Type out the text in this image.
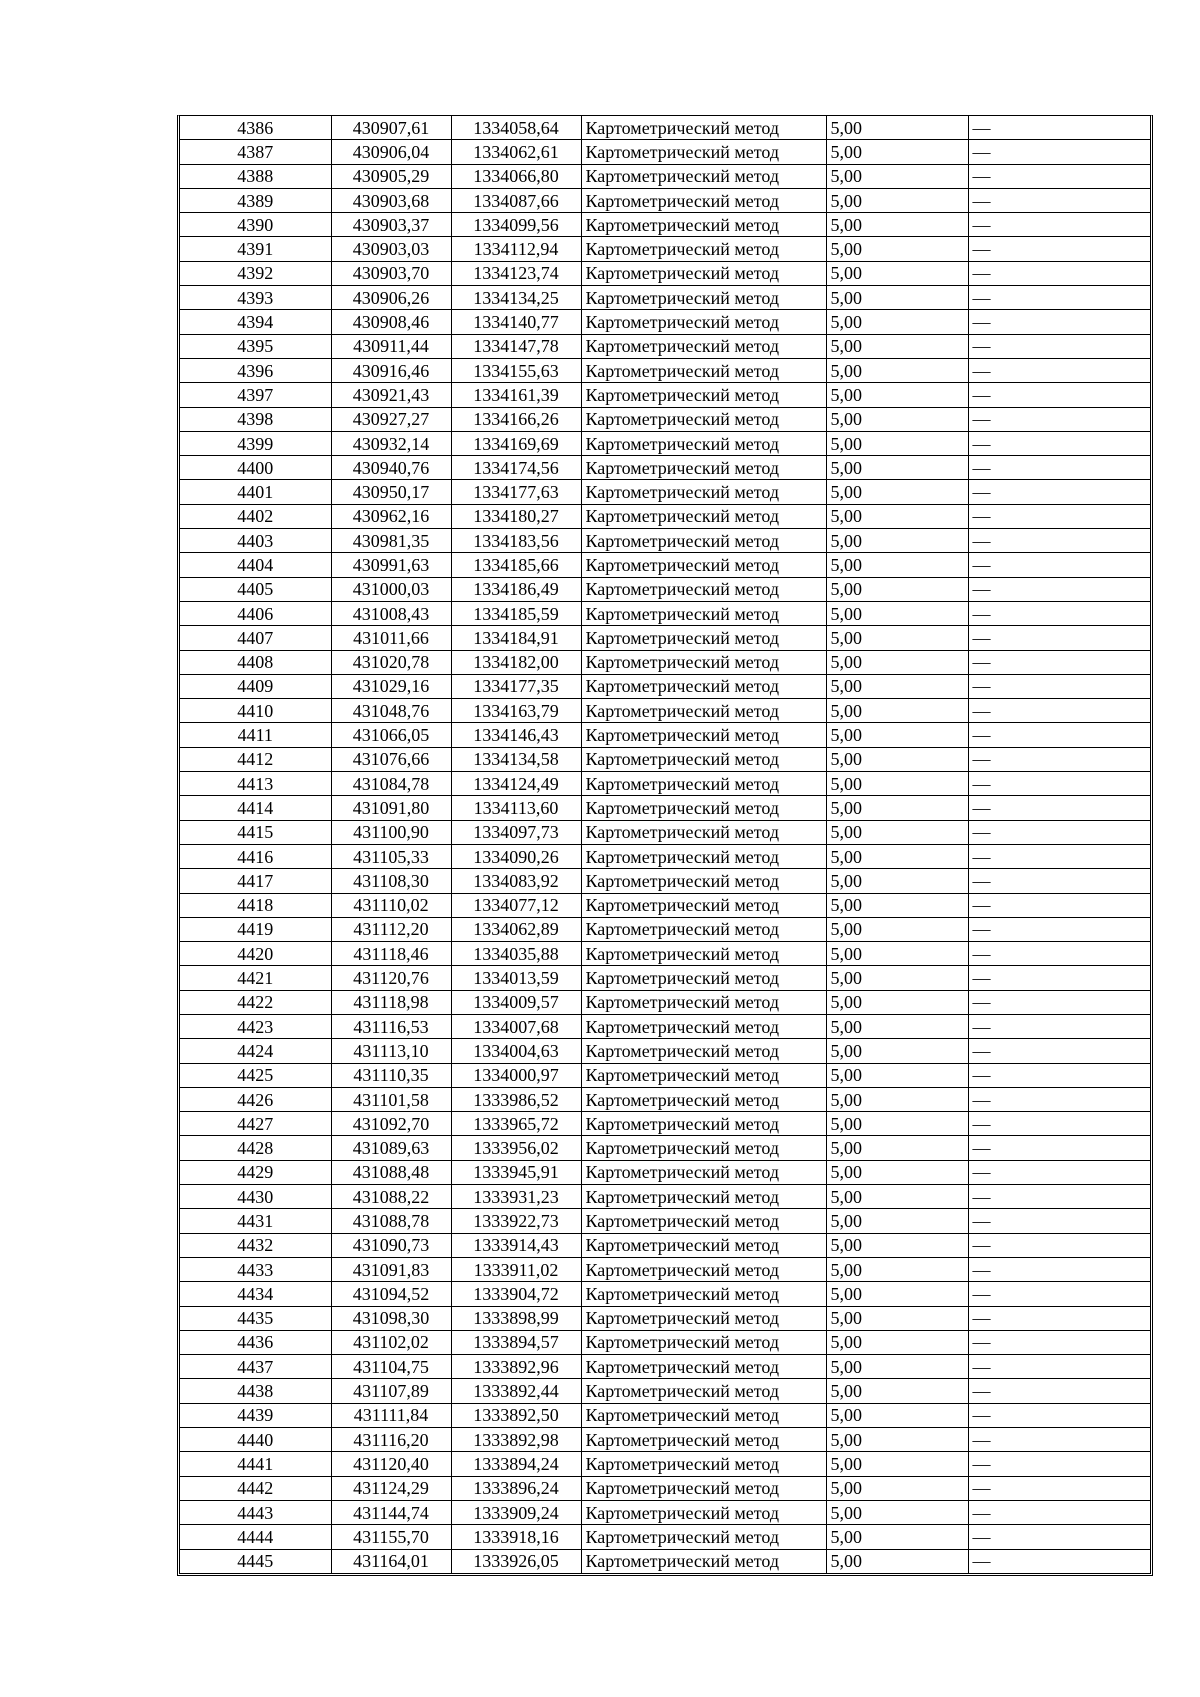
4386	430907,61	1334058,64	Картометрический метод	5,00	—
4387	430906,04	1334062,61	Картометрический метод	5,00	—
4388	430905,29	1334066,80	Картометрический метод	5,00	—
4389	430903,68	1334087,66	Картометрический метод	5,00	—
4390	430903,37	1334099,56	Картометрический метод	5,00	—
4391	430903,03	1334112,94	Картометрический метод	5,00	—
4392	430903,70	1334123,74	Картометрический метод	5,00	—
4393	430906,26	1334134,25	Картометрический метод	5,00	—
4394	430908,46	1334140,77	Картометрический метод	5,00	—
4395	430911,44	1334147,78	Картометрический метод	5,00	—
4396	430916,46	1334155,63	Картометрический метод	5,00	—
4397	430921,43	1334161,39	Картометрический метод	5,00	—
4398	430927,27	1334166,26	Картометрический метод	5,00	—
4399	430932,14	1334169,69	Картометрический метод	5,00	—
4400	430940,76	1334174,56	Картометрический метод	5,00	—
4401	430950,17	1334177,63	Картометрический метод	5,00	—
4402	430962,16	1334180,27	Картометрический метод	5,00	—
4403	430981,35	1334183,56	Картометрический метод	5,00	—
4404	430991,63	1334185,66	Картометрический метод	5,00	—
4405	431000,03	1334186,49	Картометрический метод	5,00	—
4406	431008,43	1334185,59	Картометрический метод	5,00	—
4407	431011,66	1334184,91	Картометрический метод	5,00	—
4408	431020,78	1334182,00	Картометрический метод	5,00	—
4409	431029,16	1334177,35	Картометрический метод	5,00	—
4410	431048,76	1334163,79	Картометрический метод	5,00	—
4411	431066,05	1334146,43	Картометрический метод	5,00	—
4412	431076,66	1334134,58	Картометрический метод	5,00	—
4413	431084,78	1334124,49	Картометрический метод	5,00	—
4414	431091,80	1334113,60	Картометрический метод	5,00	—
4415	431100,90	1334097,73	Картометрический метод	5,00	—
4416	431105,33	1334090,26	Картометрический метод	5,00	—
4417	431108,30	1334083,92	Картометрический метод	5,00	—
4418	431110,02	1334077,12	Картометрический метод	5,00	—
4419	431112,20	1334062,89	Картометрический метод	5,00	—
4420	431118,46	1334035,88	Картометрический метод	5,00	—
4421	431120,76	1334013,59	Картометрический метод	5,00	—
4422	431118,98	1334009,57	Картометрический метод	5,00	—
4423	431116,53	1334007,68	Картометрический метод	5,00	—
4424	431113,10	1334004,63	Картометрический метод	5,00	—
4425	431110,35	1334000,97	Картометрический метод	5,00	—
4426	431101,58	1333986,52	Картометрический метод	5,00	—
4427	431092,70	1333965,72	Картометрический метод	5,00	—
4428	431089,63	1333956,02	Картометрический метод	5,00	—
4429	431088,48	1333945,91	Картометрический метод	5,00	—
4430	431088,22	1333931,23	Картометрический метод	5,00	—
4431	431088,78	1333922,73	Картометрический метод	5,00	—
4432	431090,73	1333914,43	Картометрический метод	5,00	—
4433	431091,83	1333911,02	Картометрический метод	5,00	—
4434	431094,52	1333904,72	Картометрический метод	5,00	—
4435	431098,30	1333898,99	Картометрический метод	5,00	—
4436	431102,02	1333894,57	Картометрический метод	5,00	—
4437	431104,75	1333892,96	Картометрический метод	5,00	—
4438	431107,89	1333892,44	Картометрический метод	5,00	—
4439	431111,84	1333892,50	Картометрический метод	5,00	—
4440	431116,20	1333892,98	Картометрический метод	5,00	—
4441	431120,40	1333894,24	Картометрический метод	5,00	—
4442	431124,29	1333896,24	Картометрический метод	5,00	—
4443	431144,74	1333909,24	Картометрический метод	5,00	—
4444	431155,70	1333918,16	Картометрический метод	5,00	—
4445	431164,01	1333926,05	Картометрический метод	5,00	—
